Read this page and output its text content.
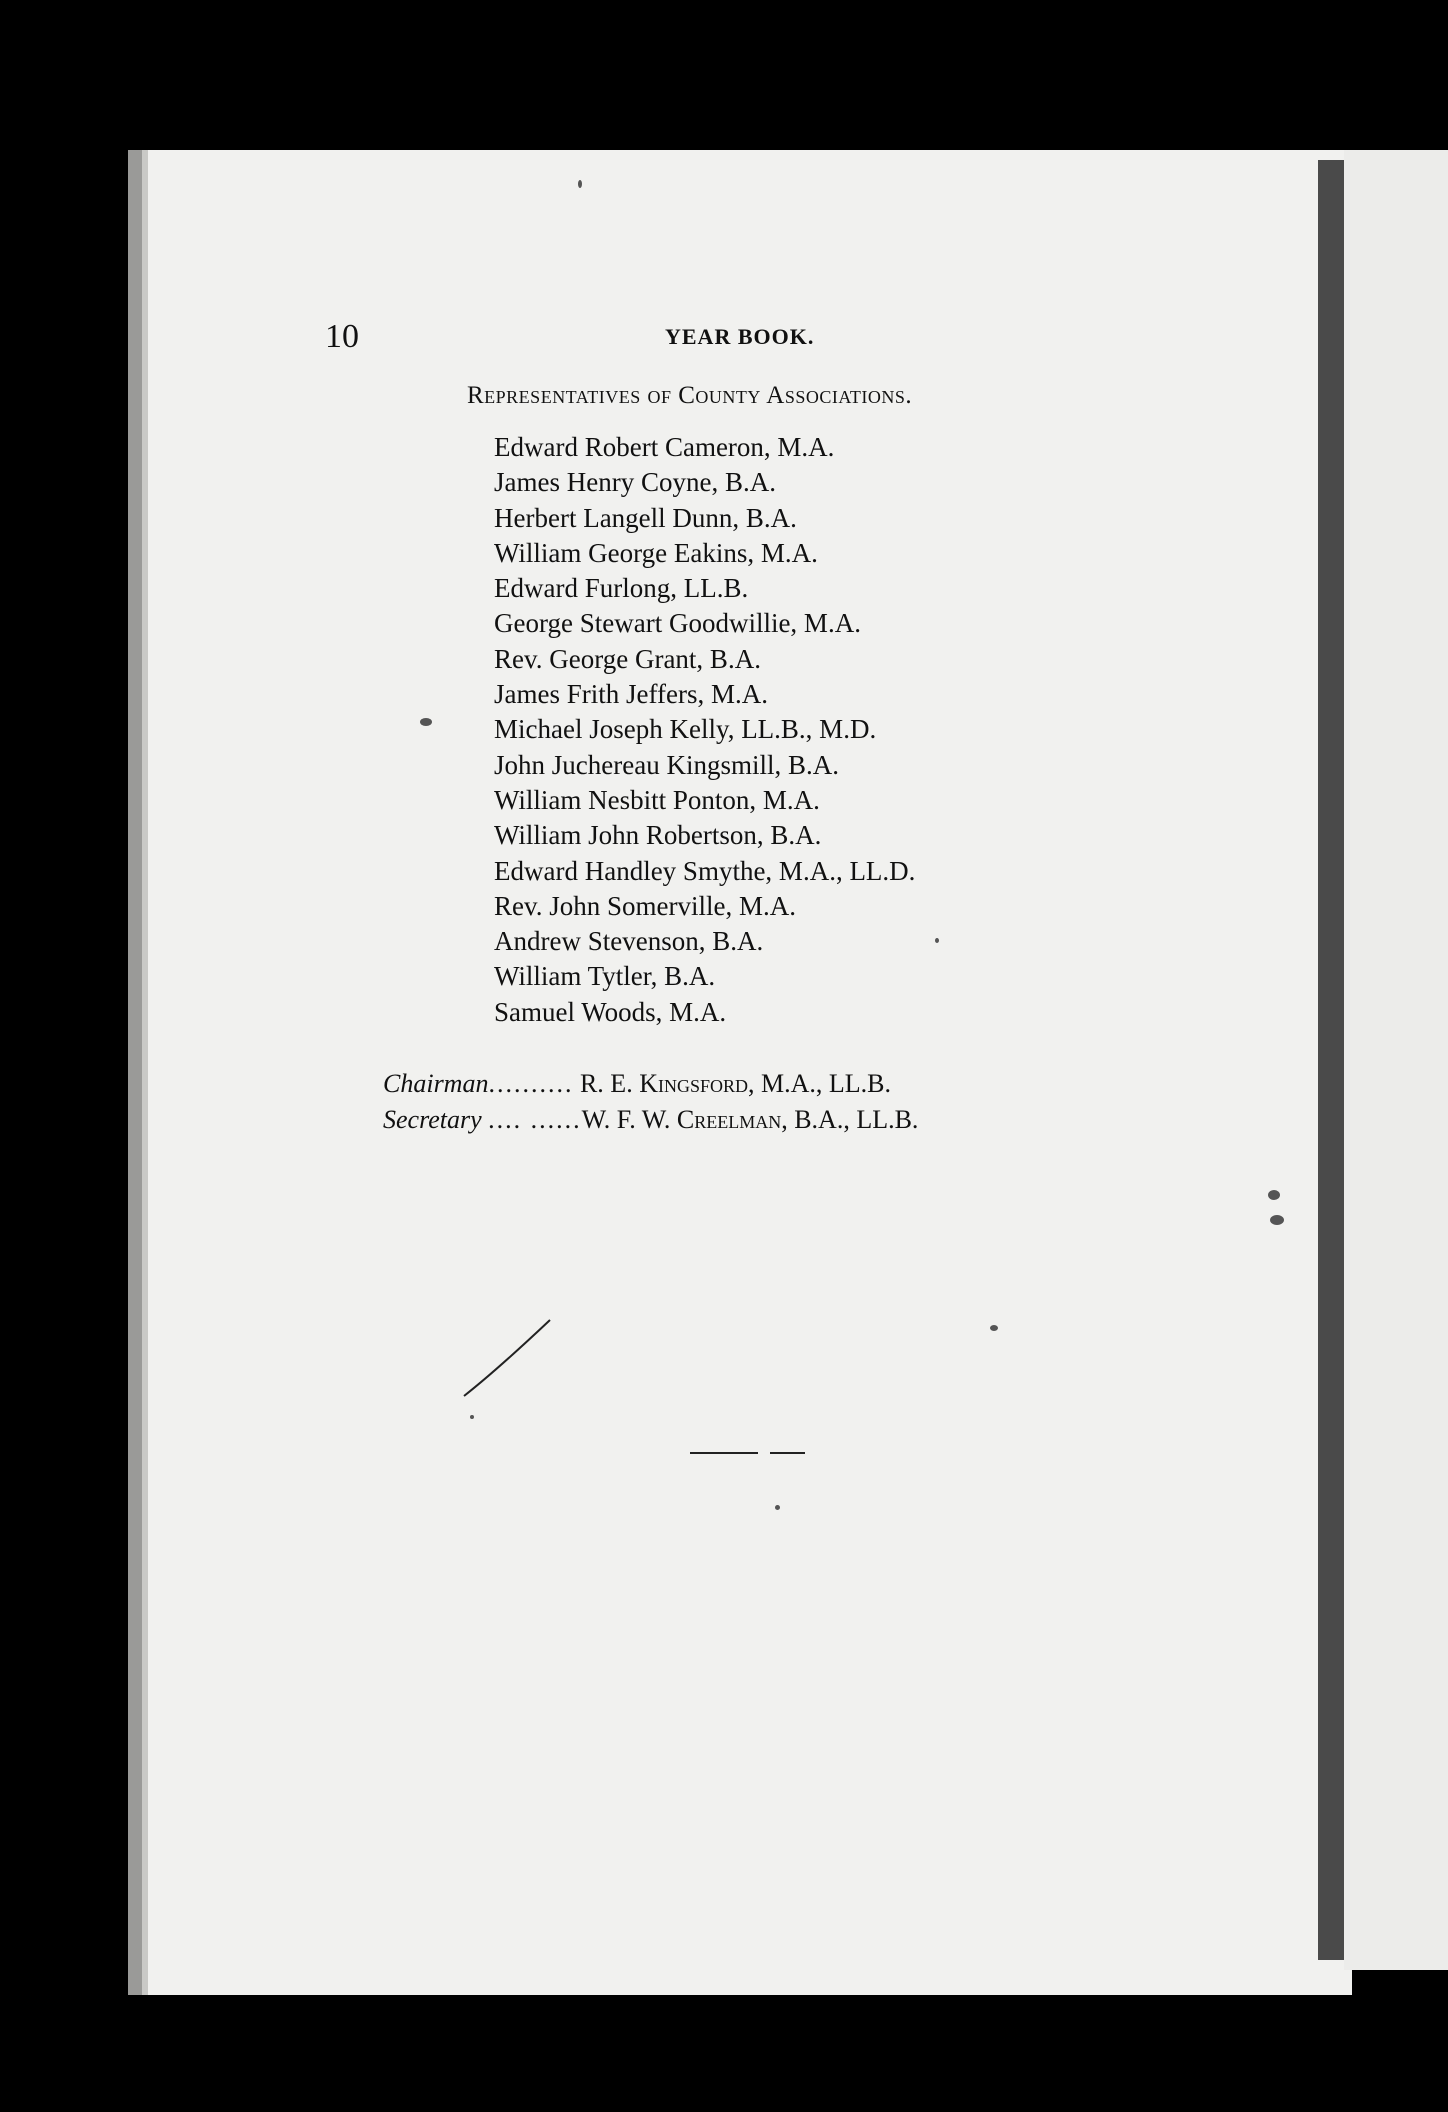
10	YEAR BOOK.
Representatives of County Associations.
Edward Robert Cameron, M.A.
James Henry Coyne, B.A.
Herbert Langell Dunn, B.A.
William George Eakins, M.A.
Edward Furlong, LL.B.
George Stewart Goodwillie, M.A.
Rev. George Grant, B.A.
James Frith Jeffers, M.A.
Michael Joseph Kelly, LL.B., M.D.
John Juchereau Kingsmill, B.A.
William Nesbitt Ponton, M.A.
William John Robertson, B.A.
Edward Handley Smythe, M.A., LL.D.
Rev. John Somerville, M.A.
Andrew Stevenson, B.A.
William Tytler, B.A.
Samuel Woods, M.A.
Chairman.......... R. E. Kingsford, M.A., LL.B.
Secretary .... ......W. F. W. Creelman, B.A., LL.B.
